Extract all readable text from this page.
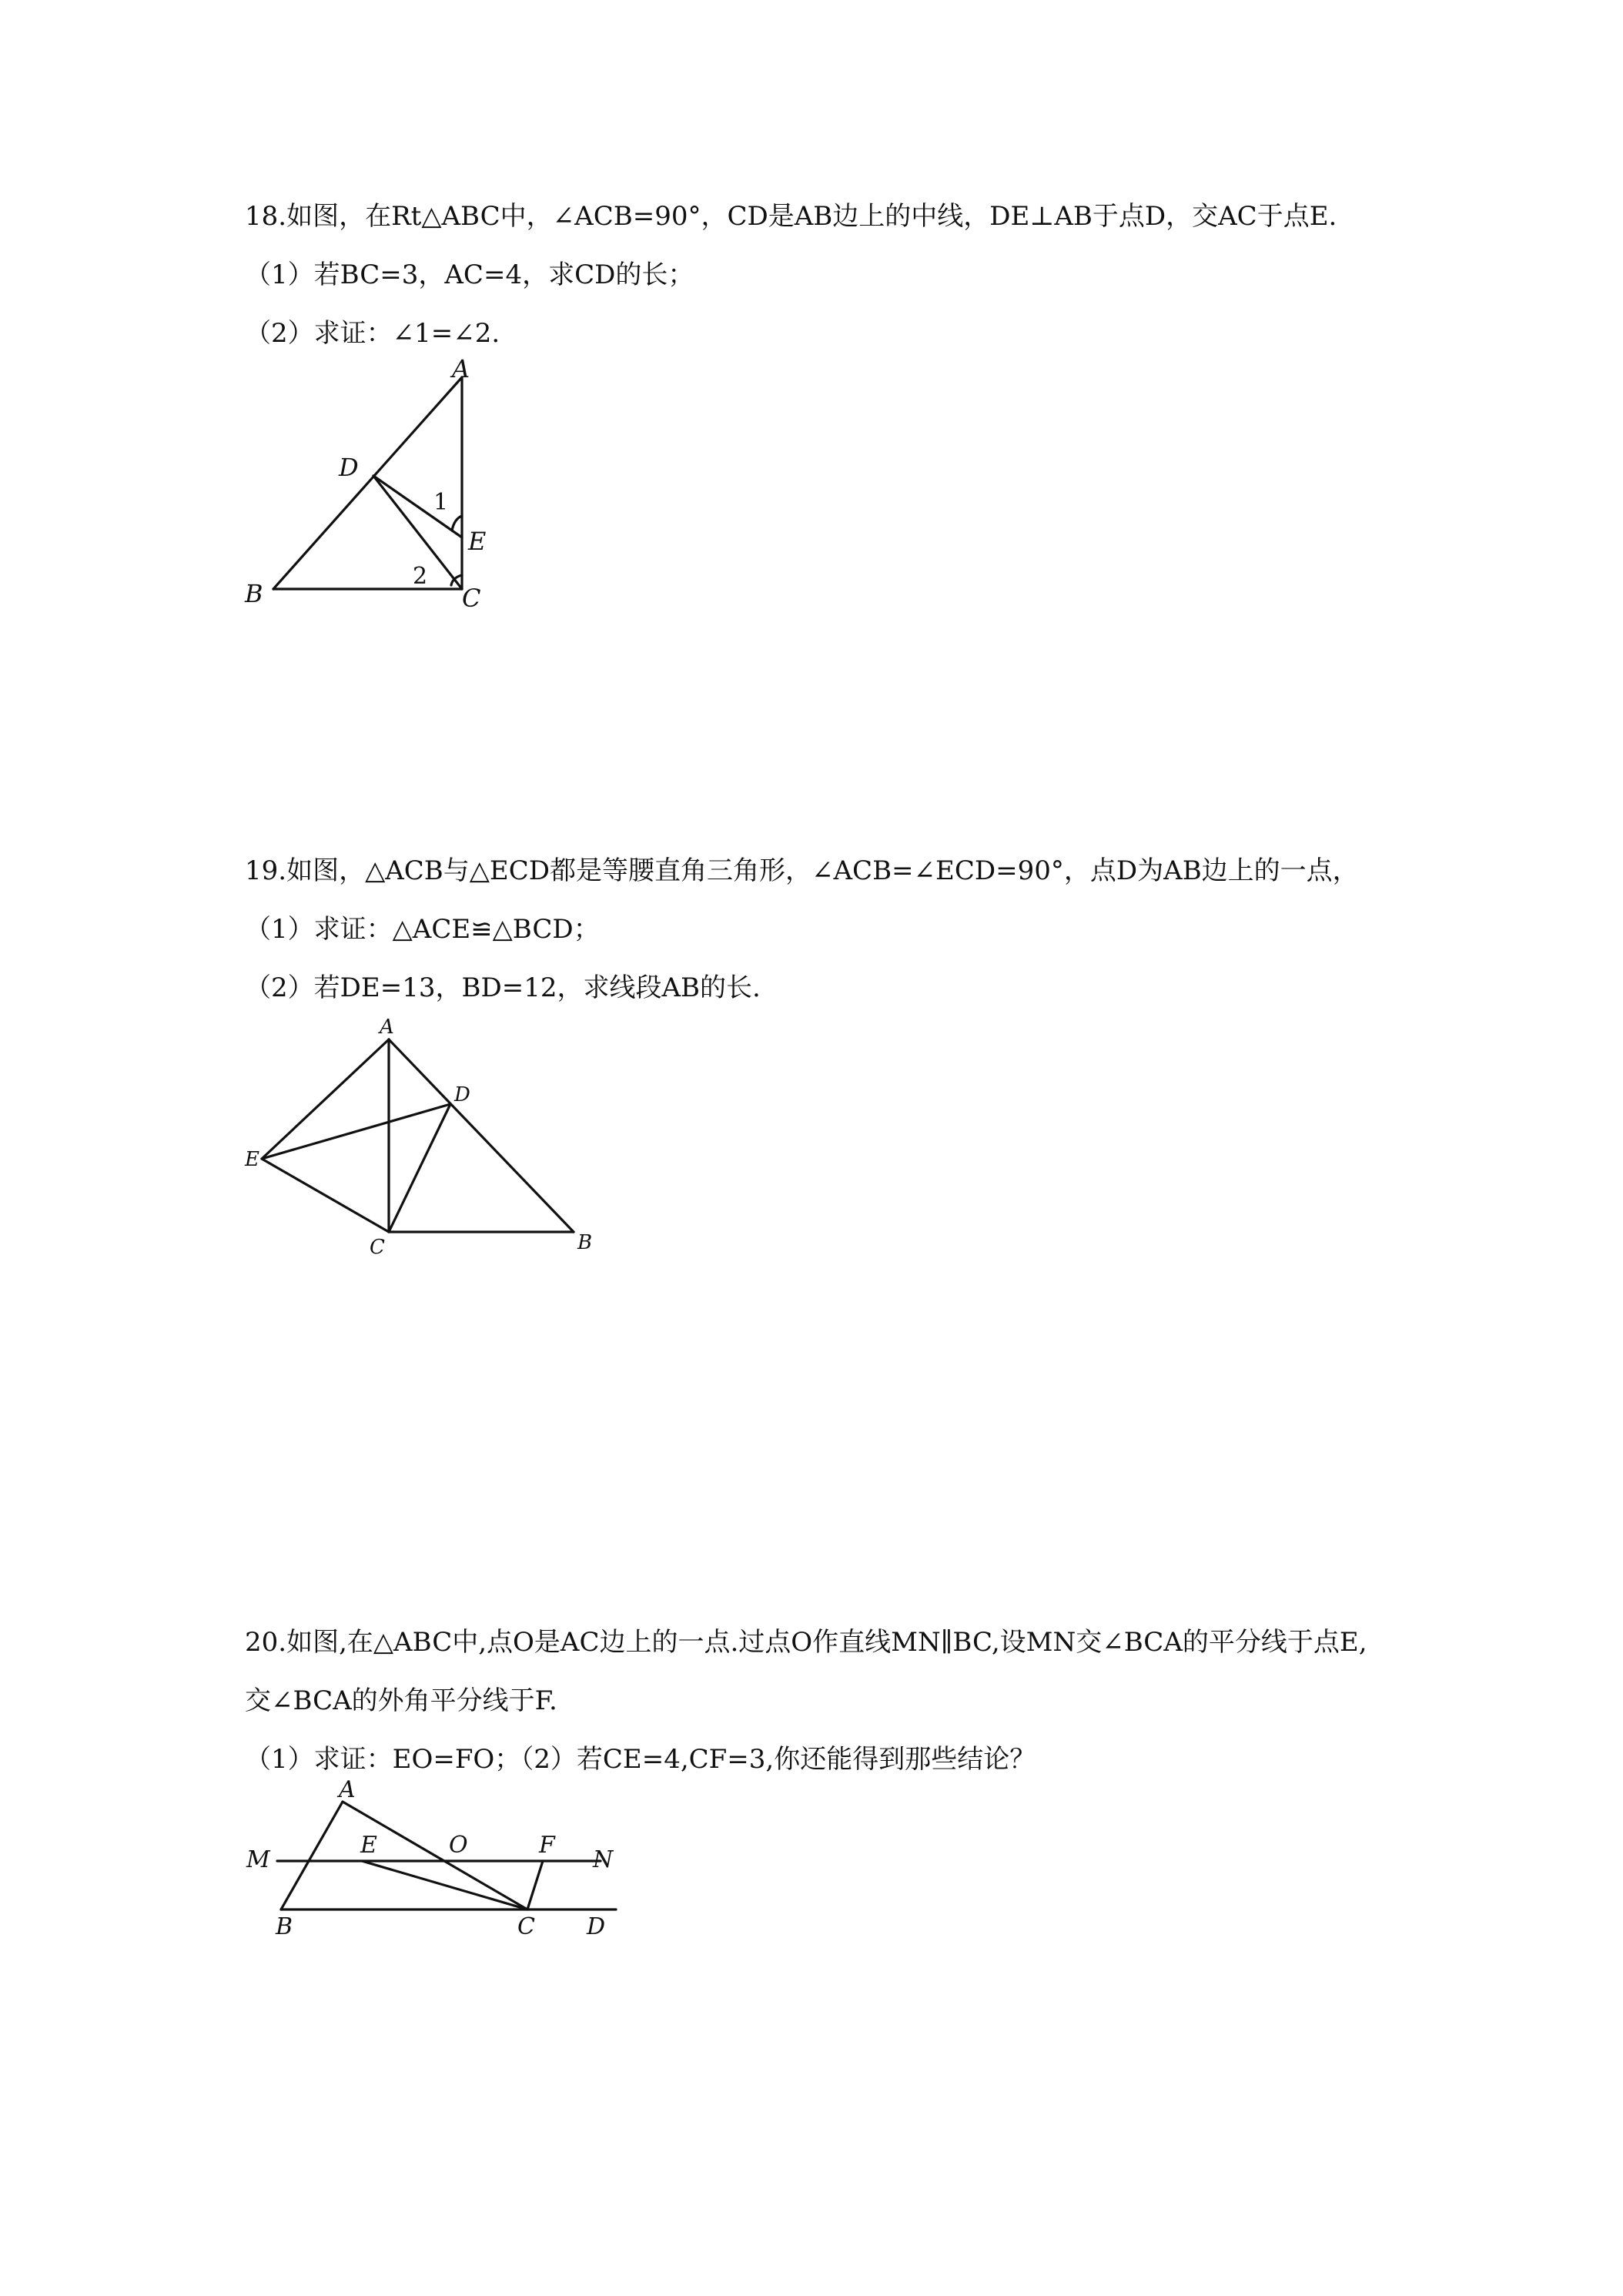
18.如图，在Rt△ABC中，∠ACB=90°，CD是AB边上的中线，DE⊥AB于点D，交AC于点E.
（1）若BC=3，AC=4，求CD的长；
（2）求证：∠1=∠2.
A
D
E
B	C
1
2
19.如图，△ACB与△ECD都是等腰直角三角形，∠ACB=∠ECD=90°，点D为AB边上的一点，
（1）求证：△ACE≌△BCD；
（2）若DE=13，BD=12，求线段AB的长.
A
D
E
C	B
20.如图,在△ABC中,点O是AC边上的一点.过点O作直线MN∥BC,设MN交∠BCA的平分线于点E,
交∠BCA的外角平分线于F.
（1）求证：EO=FO；（2）若CE=4,CF=3,你还能得到那些结论？
A
M
E	O	F
N
B	C D
